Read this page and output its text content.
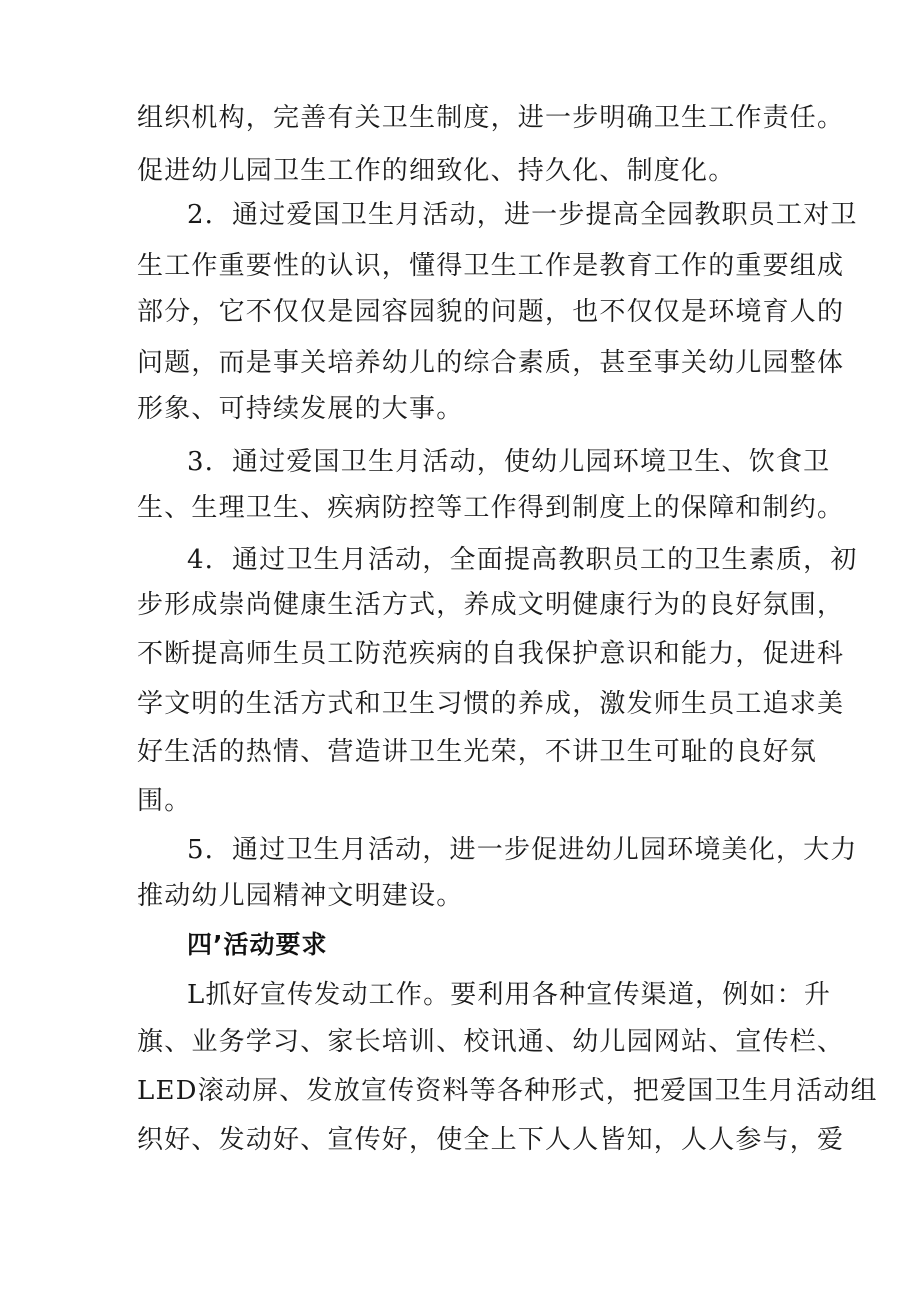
组织机构，完善有关卫生制度，进一步明确卫生工作责任。
促进幼儿园卫生工作的细致化、持久化、制度化。
2．通过爱国卫生月活动，进一步提高全园教职员工对卫
生工作重要性的认识，懂得卫生工作是教育工作的重要组成
部分，它不仅仅是园容园貌的问题，也不仅仅是环境育人的
问题，而是事关培养幼儿的综合素质，甚至事关幼儿园整体
形象、可持续发展的大事。
3．通过爱国卫生月活动，使幼儿园环境卫生、饮食卫
生、生理卫生、疾病防控等工作得到制度上的保障和制约。
4．通过卫生月活动，全面提高教职员工的卫生素质，初
步形成崇尚健康生活方式，养成文明健康行为的良好氛围，
不断提高师生员工防范疾病的自我保护意识和能力，促进科
学文明的生活方式和卫生习惯的养成，激发师生员工追求美
好生活的热情、营造讲卫生光荣，不讲卫生可耻的良好氛
围。
5．通过卫生月活动，进一步促进幼儿园环境美化，大力
推动幼儿园精神文明建设。
四’活动要求
L抓好宣传发动工作。要利用各种宣传渠道，例如：升
旗、业务学习、家长培训、校讯通、幼儿园网站、宣传栏、
LED滚动屏、发放宣传资料等各种形式，把爱国卫生月活动组
织好、发动好、宣传好，使全上下人人皆知，人人参与，爱
